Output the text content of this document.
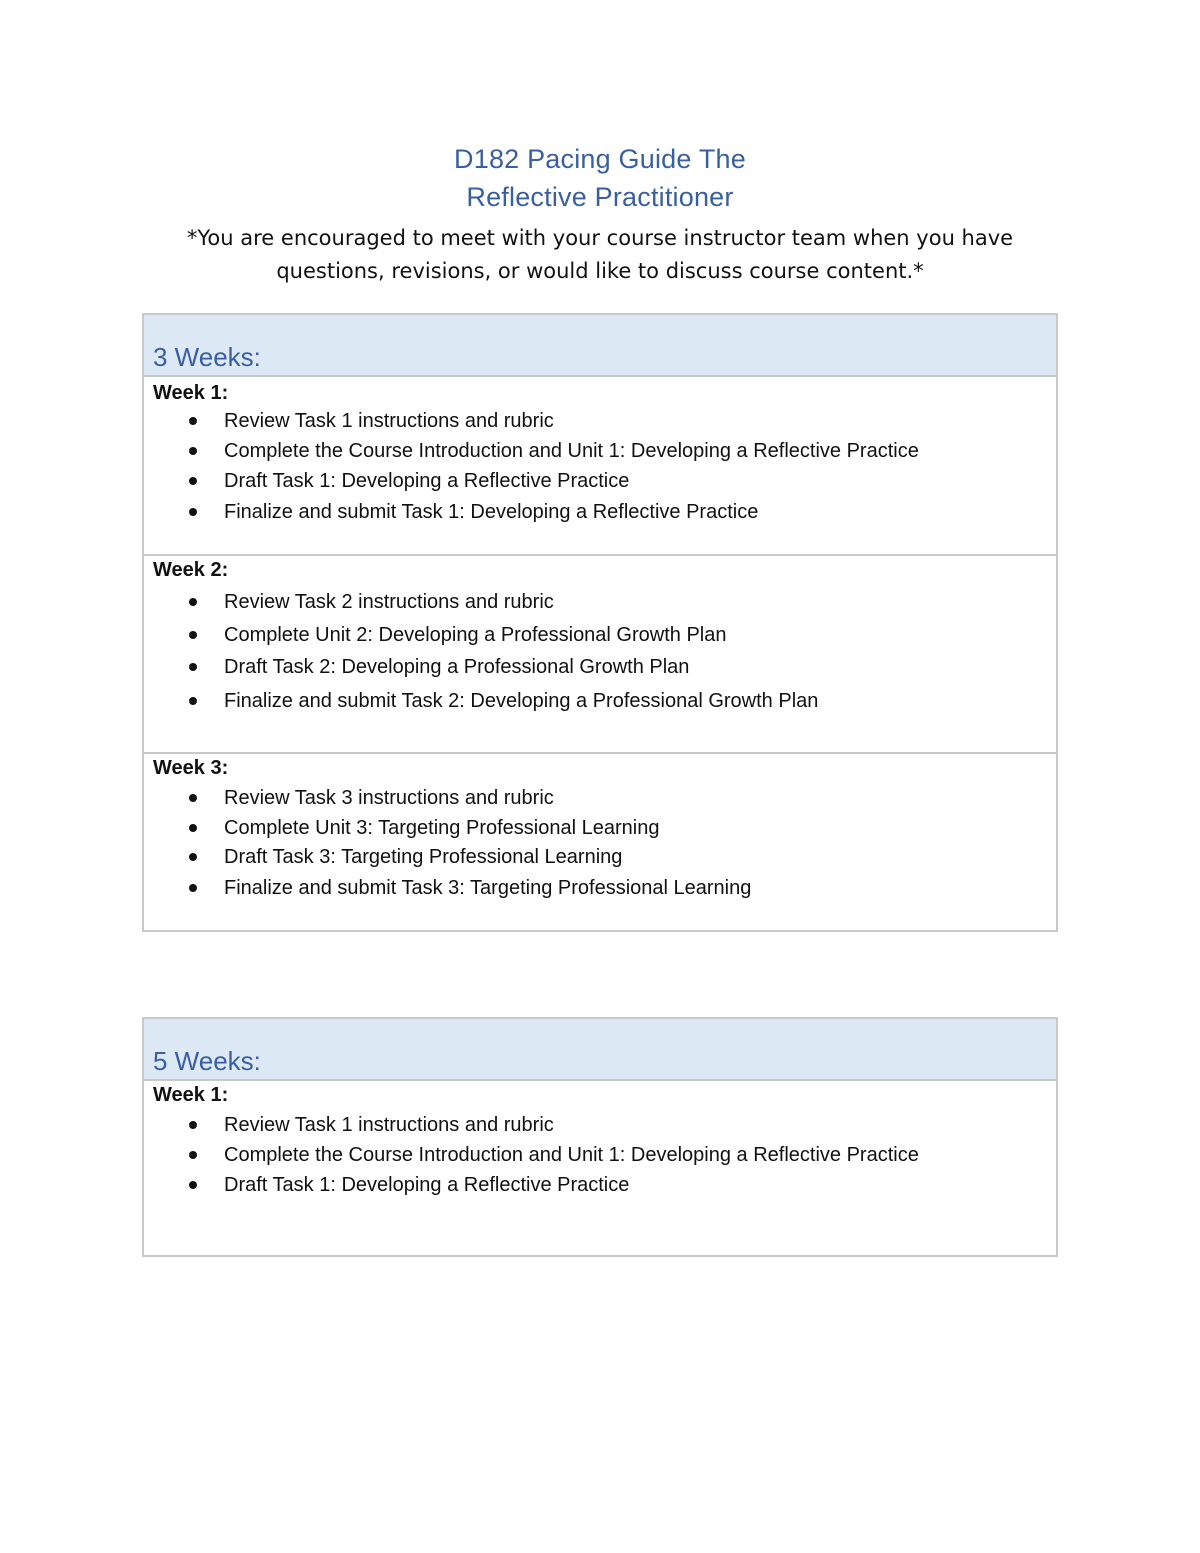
D182 Pacing Guide The
Reflective Practitioner
*You are encouraged to meet with your course instructor team when you have questions, revisions, or would like to discuss course content.*
3 Weeks:
Week 1:
Review Task 1 instructions and rubric
Complete the Course Introduction and Unit 1: Developing a Reflective Practice
Draft Task 1: Developing a Reflective Practice
Finalize and submit Task 1: Developing a Reflective Practice
Week 2:
Review Task 2 instructions and rubric
Complete Unit 2: Developing a Professional Growth Plan
Draft Task 2: Developing a Professional Growth Plan
Finalize and submit Task 2: Developing a Professional Growth Plan
Week 3:
Review Task 3 instructions and rubric
Complete Unit 3: Targeting Professional Learning
Draft Task 3: Targeting Professional Learning
Finalize and submit Task 3: Targeting Professional Learning
5 Weeks:
Week 1:
Review Task 1 instructions and rubric
Complete the Course Introduction and Unit 1: Developing a Reflective Practice
Draft Task 1: Developing a Reflective Practice
